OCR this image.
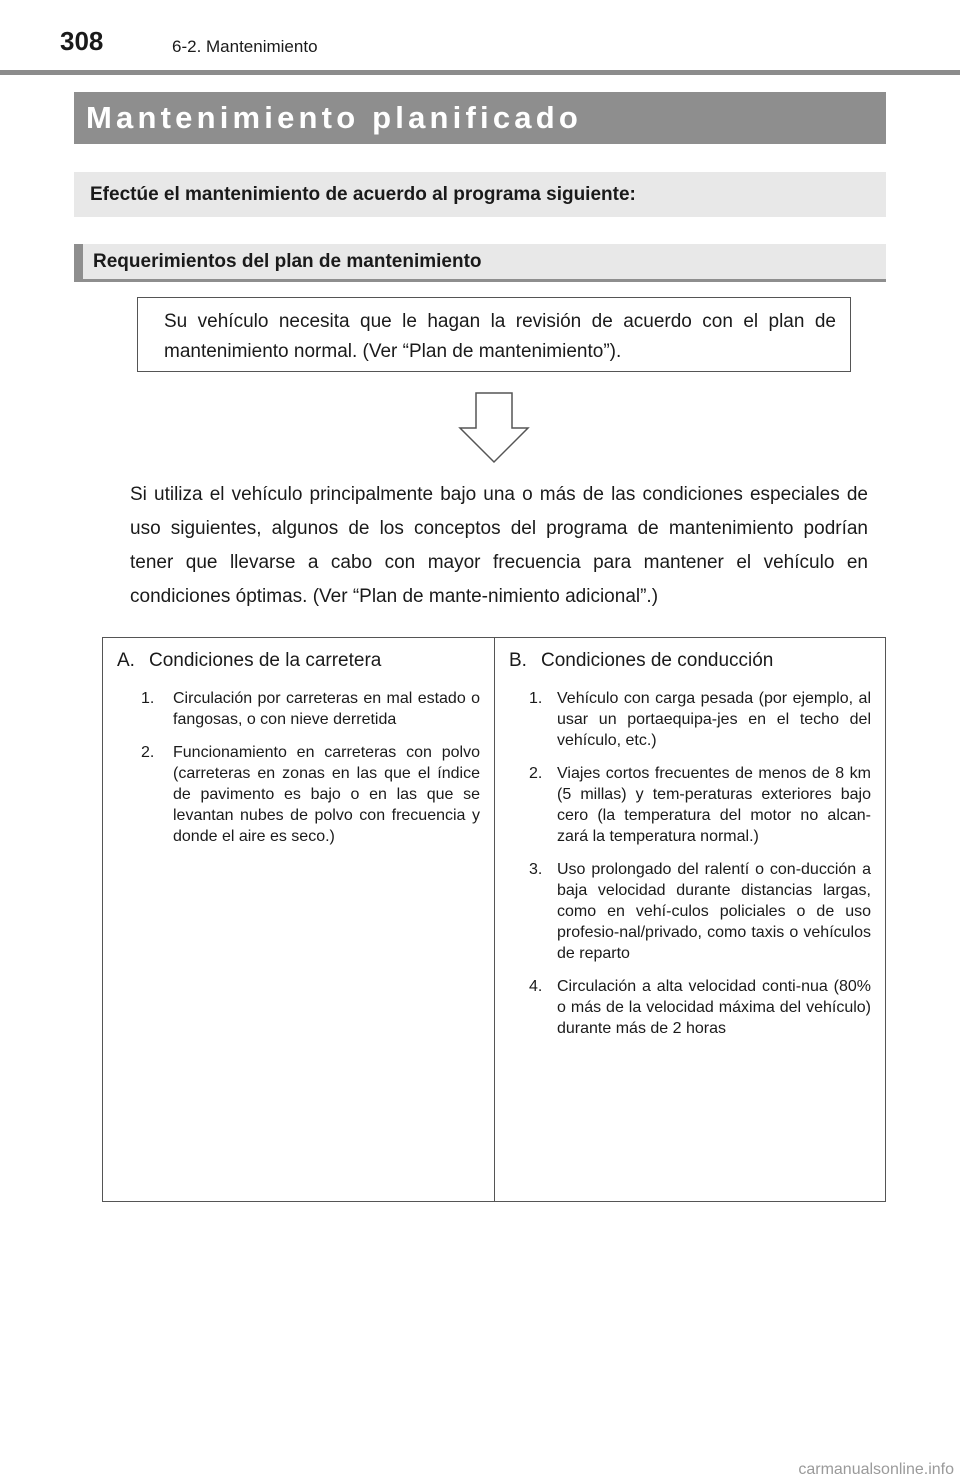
308	6-2. Mantenimiento
Mantenimiento planificado
Efectúe el mantenimiento de acuerdo al programa siguiente:
Requerimientos del plan de mantenimiento
Su vehículo necesita que le hagan la revisión de acuerdo con el plan de mantenimiento normal. (Ver “Plan de mantenimiento”).
Si utiliza el vehículo principalmente bajo una o más de las condiciones especiales de uso siguientes, algunos de los conceptos del programa de mantenimiento podrían tener que llevarse a cabo con mayor frecuencia para mantener el vehículo en condiciones óptimas. (Ver “Plan de mante-nimiento adicional”.)
A. Condiciones de la carretera
1. Circulación por carreteras en mal estado o fangosas, o con nieve derretida
2. Funcionamiento en carreteras con polvo (carreteras en zonas en las que el índice de pavimento es bajo o en las que se levantan nubes de polvo con frecuencia y donde el aire es seco.)
B. Condiciones de conducción
1. Vehículo con carga pesada (por ejemplo, al usar un portaequipa-jes en el techo del vehículo, etc.)
2. Viajes cortos frecuentes de menos de 8 km (5 millas) y tem-peraturas exteriores bajo cero (la temperatura del motor no alcan-zará la temperatura normal.)
3. Uso prolongado del ralentí o con-ducción a baja velocidad durante distancias largas, como en vehí-culos policiales o de uso profesio-nal/privado, como taxis o vehículos de reparto
4. Circulación a alta velocidad conti-nua (80% o más de la velocidad máxima del vehículo) durante más de 2 horas
carmanualsonline.info
